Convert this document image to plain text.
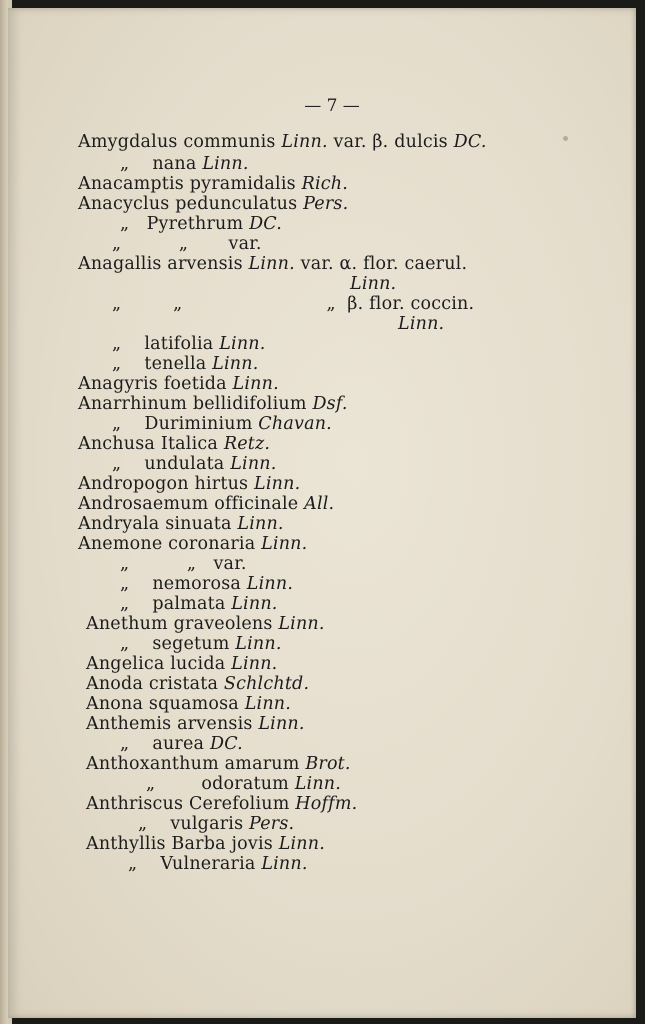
— 7 —
Amygdalus communis Linn. var. β. dulcis DC.
„    nana Linn.
Anacamptis pyramidalis Rich.
Anacyclus pedunculatus Pers.
„   Pyrethrum DC.
„          „       var.
Anagallis arvensis Linn. var. α. flor. caerul.
Linn.
„         „                         „  β. flor. coccin.
Linn.
„    latifolia Linn.
„    tenella Linn.
Anagyris foetida Linn.
Anarrhinum bellidifolium Dsf.
„    Duriminium Chavan.
Anchusa Italica Retz.
„    undulata Linn.
Andropogon hirtus Linn.
Androsaemum officinale All.
Andryala sinuata Linn.
Anemone coronaria Linn.
„          „   var.
„    nemorosa Linn.
„    palmata Linn.
Anethum graveolens Linn.
„    segetum Linn.
Angelica lucida Linn.
Anoda cristata Schlchtd.
Anona squamosa Linn.
Anthemis arvensis Linn.
„    aurea DC.
Anthoxanthum amarum Brot.
„        odoratum Linn.
Anthriscus Cerefolium Hoffm.
„    vulgaris Pers.
Anthyllis Barba jovis Linn.
„    Vulneraria Linn.
